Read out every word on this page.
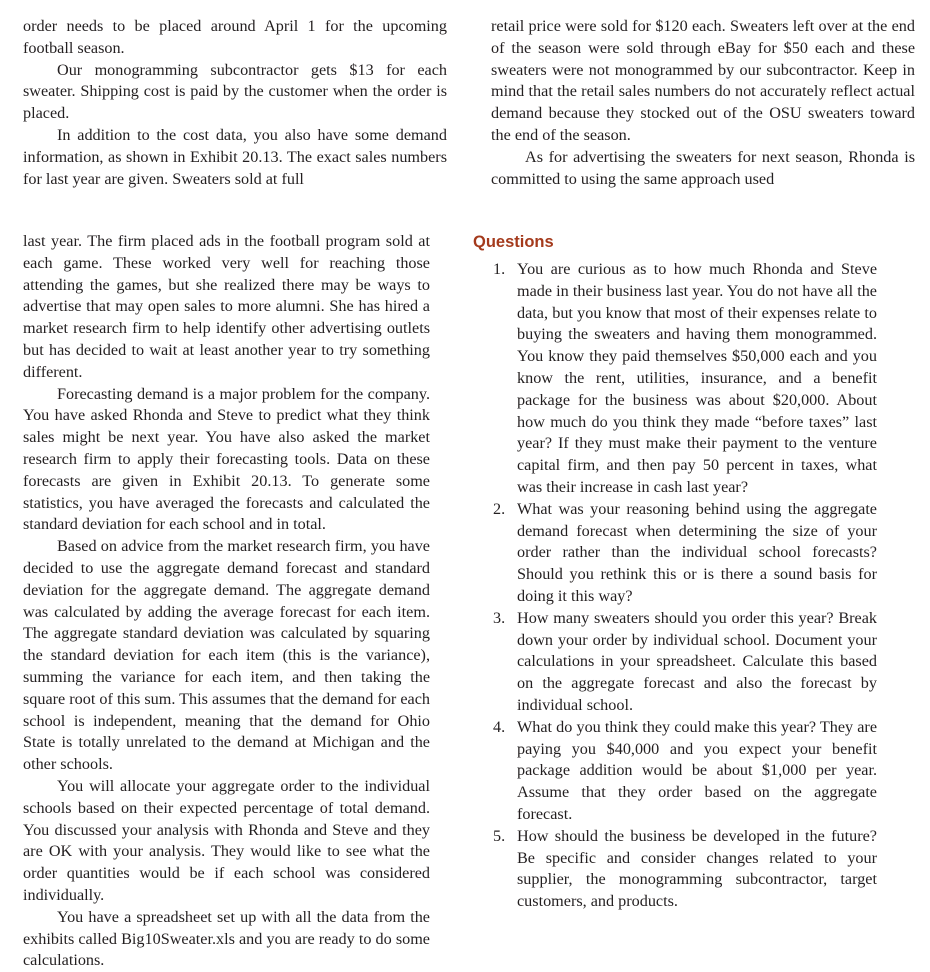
order needs to be placed around April 1 for the upcoming football season.

Our monogramming subcontractor gets $13 for each sweater. Shipping cost is paid by the customer when the order is placed.

In addition to the cost data, you also have some demand information, as shown in Exhibit 20.13. The exact sales numbers for last year are given. Sweaters sold at full

retail price were sold for $120 each. Sweaters left over at the end of the season were sold through eBay for $50 each and these sweaters were not monogrammed by our subcontractor. Keep in mind that the retail sales numbers do not accurately reflect actual demand because they stocked out of the OSU sweaters toward the end of the season.

As for advertising the sweaters for next season, Rhonda is committed to using the same approach used

last year. The firm placed ads in the football program sold at each game. These worked very well for reaching those attending the games, but she realized there may be ways to advertise that may open sales to more alumni. She has hired a market research firm to help identify other advertising outlets but has decided to wait at least another year to try something different.

Forecasting demand is a major problem for the company. You have asked Rhonda and Steve to predict what they think sales might be next year. You have also asked the market research firm to apply their forecasting tools. Data on these forecasts are given in Exhibit 20.13. To generate some statistics, you have averaged the forecasts and calculated the standard deviation for each school and in total.

Based on advice from the market research firm, you have decided to use the aggregate demand forecast and standard deviation for the aggregate demand. The aggregate demand was calculated by adding the average forecast for each item. The aggregate standard deviation was calculated by squaring the standard deviation for each item (this is the variance), summing the variance for each item, and then taking the square root of this sum. This assumes that the demand for each school is independent, meaning that the demand for Ohio State is totally unrelated to the demand at Michigan and the other schools.

You will allocate your aggregate order to the individual schools based on their expected percentage of total demand. You discussed your analysis with Rhonda and Steve and they are OK with your analysis. They would like to see what the order quantities would be if each school was considered individually.

You have a spreadsheet set up with all the data from the exhibits called Big10Sweater.xls and you are ready to do some calculations.

Questions
1. You are curious as to how much Rhonda and Steve made in their business last year. You do not have all the data, but you know that most of their expenses relate to buying the sweaters and having them monogrammed. You know they paid themselves $50,000 each and you know the rent, utilities, insurance, and a benefit package for the business was about $20,000. About how much do you think they made “before taxes” last year? If they must make their payment to the venture capital firm, and then pay 50 percent in taxes, what was their increase in cash last year?
2. What was your reasoning behind using the aggregate demand forecast when determining the size of your order rather than the individual school forecasts? Should you rethink this or is there a sound basis for doing it this way?
3. How many sweaters should you order this year? Break down your order by individual school. Document your calculations in your spreadsheet. Calculate this based on the aggregate forecast and also the forecast by individual school.
4. What do you think they could make this year? They are paying you $40,000 and you expect your benefit package addition would be about $1,000 per year. Assume that they order based on the aggregate forecast.
5. How should the business be developed in the future? Be specific and consider changes related to your supplier, the monogramming subcontractor, target customers, and products.
